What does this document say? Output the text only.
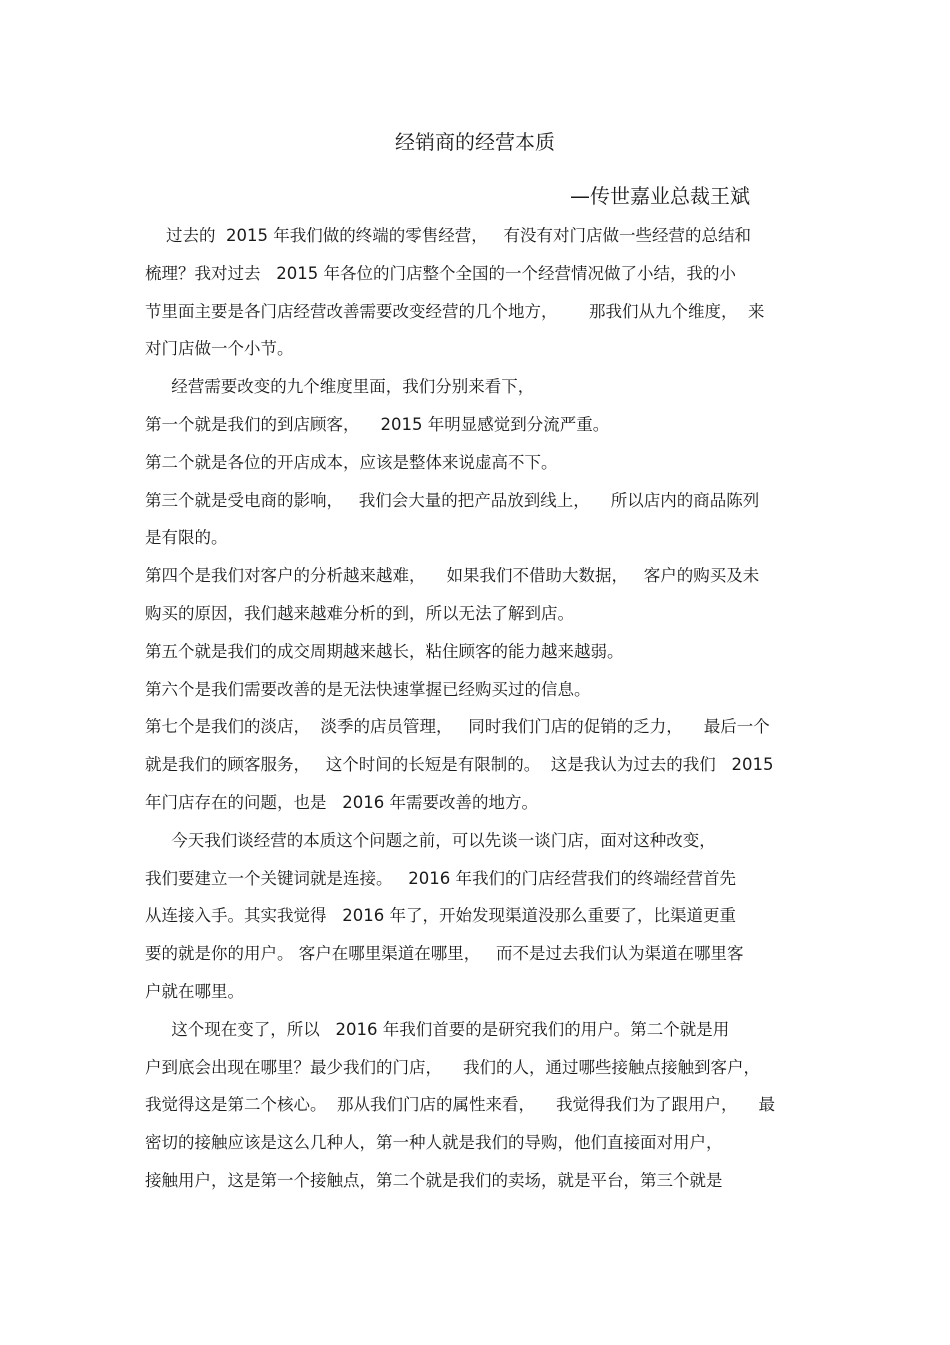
经销商的经营本质
—传世嘉业总裁王斌
过去的  2015 年我们做的终端的零售经营，   有没有对门店做一些经营的总结和
梳理？我对过去   2015 年各位的门店整个全国的一个经营情况做了小结，我的小
节里面主要是各门店经营改善需要改变经营的几个地方，      那我们从九个维度，  来
对门店做一个小节。
经营需要改变的九个维度里面，我们分别来看下，
第一个就是我们的到店顾客，    2015 年明显感觉到分流严重。
第二个就是各位的开店成本，应该是整体来说虚高不下。
第三个就是受电商的影响，   我们会大量的把产品放到线上，    所以店内的商品陈列
是有限的。
第四个是我们对客户的分析越来越难，    如果我们不借助大数据，   客户的购买及未
购买的原因，我们越来越难分析的到，所以无法了解到店。
第五个就是我们的成交周期越来越长，粘住顾客的能力越来越弱。
第六个是我们需要改善的是无法快速掌握已经购买过的信息。
第七个是我们的淡店，  淡季的店员管理，   同时我们门店的促销的乏力，    最后一个
就是我们的顾客服务，   这个时间的长短是有限制的。  这是我认为过去的我们   2015
年门店存在的问题，也是   2016 年需要改善的地方。
今天我们谈经营的本质这个问题之前，可以先谈一谈门店，面对这种改变，
我们要建立一个关键词就是连接。   2016 年我们的门店经营我们的终端经营首先
从连接入手。其实我觉得   2016 年了，开始发现渠道没那么重要了，比渠道更重
要的就是你的用户。 客户在哪里渠道在哪里，   而不是过去我们认为渠道在哪里客
户就在哪里。
这个现在变了，所以   2016 年我们首要的是研究我们的用户。第二个就是用
户到底会出现在哪里？最少我们的门店，    我们的人，通过哪些接触点接触到客户，
我觉得这是第二个核心。  那从我们门店的属性来看，    我觉得我们为了跟用户，    最
密切的接触应该是这么几种人，第一种人就是我们的导购，他们直接面对用户，
接触用户，这是第一个接触点，第二个就是我们的卖场，就是平台，第三个就是
